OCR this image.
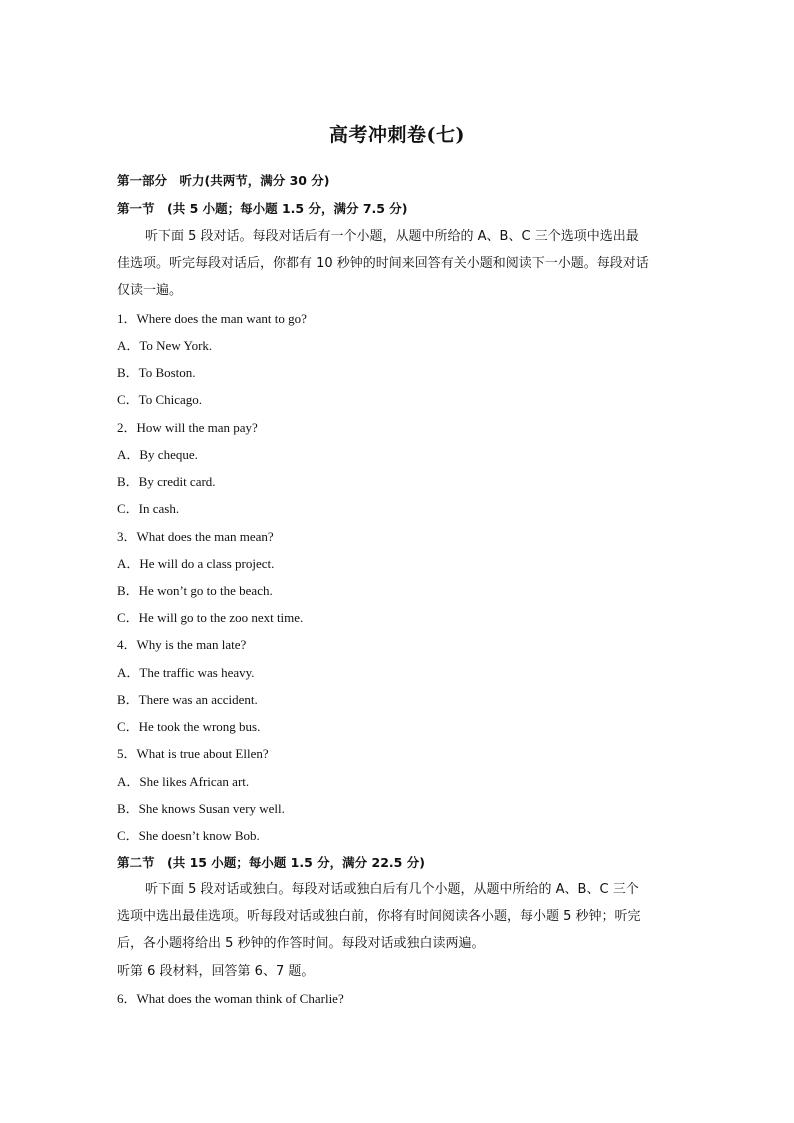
高考冲刺卷(七)
第一部分　听力(共两节，满分 30 分)
第一节　(共 5 小题；每小题 1.5 分，满分 7.5 分)
听下面 5 段对话。每段对话后有一个小题，从题中所给的 A、B、C 三个选项中选出最
佳选项。听完每段对话后，你都有 10 秒钟的时间来回答有关小题和阅读下一小题。每段对话
仅读一遍。
1．Where does the man want to go?
A．To New York.
B．To Boston.
C．To Chicago.
2．How will the man pay?
A．By cheque.
B．By credit card.
C．In cash.
3．What does the man mean?
A．He will do a class project.
B．He won’t go to the beach.
C．He will go to the zoo next time.
4．Why is the man late?
A．The traffic was heavy.
B．There was an accident.
C．He took the wrong bus.
5．What is true about Ellen?
A．She likes African art.
B．She knows Susan very well.
C．She doesn’t know Bob.
第二节　(共 15 小题；每小题 1.5 分，满分 22.5 分)
听下面 5 段对话或独白。每段对话或独白后有几个小题，从题中所给的 A、B、C 三个
选项中选出最佳选项。听每段对话或独白前，你将有时间阅读各小题，每小题 5 秒钟；听完
后，各小题将给出 5 秒钟的作答时间。每段对话或独白读两遍。
听第 6 段材料，回答第 6、7 题。
6．What does the woman think of Charlie?
